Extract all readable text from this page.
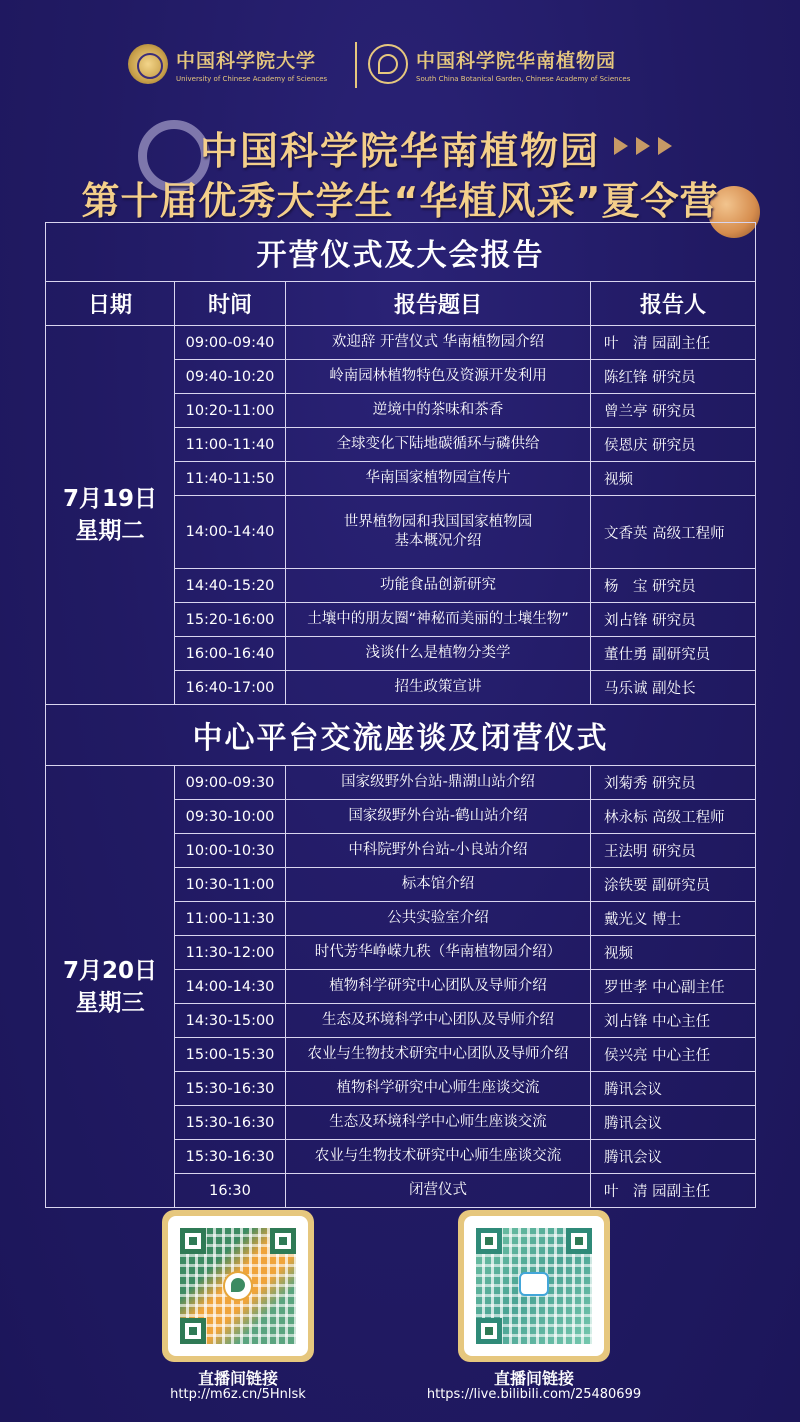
中国科学院大学
University of Chinese Academy of Sciences
中国科学院华南植物园
South China Botanical Garden, Chinese Academy of Sciences
中国科学院华南植物园
第十届优秀大学生“华植风采”夏令营
开营仪式及大会报告			
日期	时间	报告题目	报告人

7月19日
星期二	09:00-09:40	欢迎辞 开营仪式 华南植物园介绍	叶　清 园副主任
	09:40-10:20	岭南园林植物特色及资源开发利用	陈红锋 研究员
	10:20-11:00	逆境中的茶味和茶香	曾兰亭 研究员
	11:00-11:40	全球变化下陆地碳循环与磷供给	侯恩庆 研究员
	11:40-11:50	华南国家植物园宣传片	视频
	14:00-14:40	世界植物园和我国国家植物园
基本概况介绍	文香英 高级工程师
	14:40-15:20	功能食品创新研究	杨　宝 研究员
	15:20-16:00	土壤中的朋友圈“神秘而美丽的土壤生物”	刘占锋 研究员
	16:00-16:40	浅谈什么是植物分类学	董仕勇 副研究员
	16:40-17:00	招生政策宣讲	马乐诚 副处长
中心平台交流座谈及闭营仪式			

7月20日
星期三	09:00-09:30	国家级野外台站-鼎湖山站介绍	刘菊秀 研究员
	09:30-10:00	国家级野外台站-鹤山站介绍	林永标 高级工程师
	10:00-10:30	中科院野外台站-小良站介绍	王法明 研究员
	10:30-11:00	标本馆介绍	涂铁要 副研究员
	11:00-11:30	公共实验室介绍	戴光义 博士
	11:30-12:00	时代芳华峥嵘九秩（华南植物园介绍）	视频
	14:00-14:30	植物科学研究中心团队及导师介绍	罗世孝 中心副主任
	14:30-15:00	生态及环境科学中心团队及导师介绍	刘占锋 中心主任
	15:00-15:30	农业与生物技术研究中心团队及导师介绍	侯兴亮 中心主任
	15:30-16:30	植物科学研究中心师生座谈交流	腾讯会议
	15:30-16:30	生态及环境科学中心师生座谈交流	腾讯会议
	15:30-16:30	农业与生物技术研究中心师生座谈交流	腾讯会议
	16:30	闭营仪式	叶　清 园副主任
直播间链接
http://m6z.cn/5Hnlsk
直播间链接
https://live.bilibili.com/25480699
